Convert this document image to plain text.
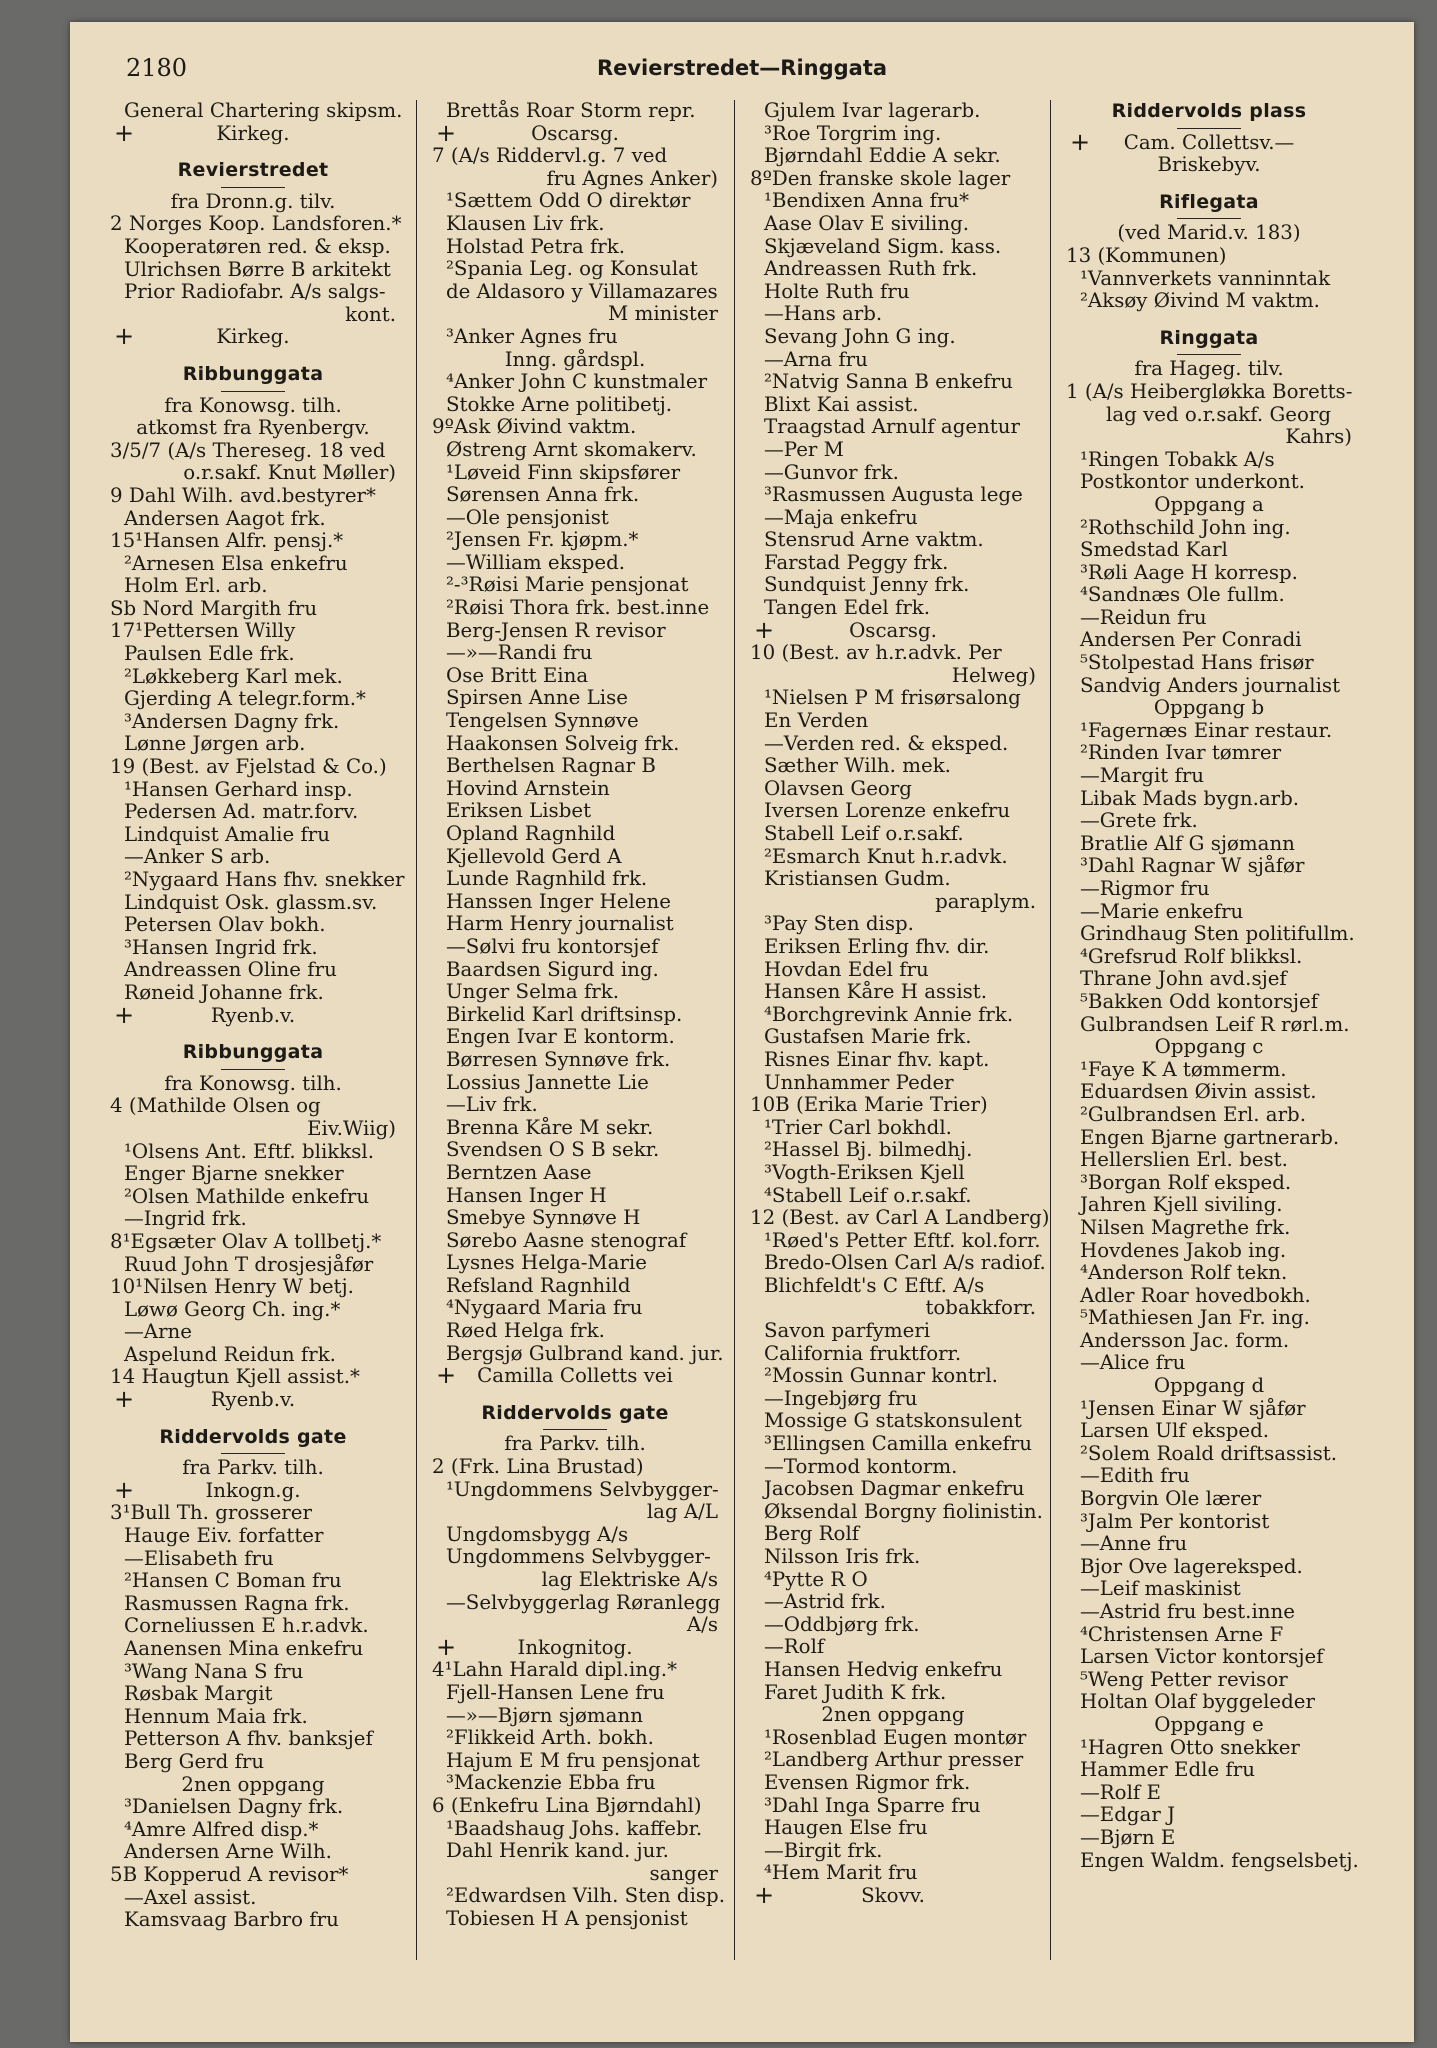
2180	Revierstredet—Ringgata
General Chartering skipsm.
+	Kirkeg.
Revierstredet
fra Dronn.g. tilv.
2 Norges Koop. Landsforen.*
Kooperatøren red. & eksp.
Ulrichsen Børre B arkitekt
Prior Radiofabr. A/s salgs-
kont.
+	Kirkeg.
Ribbunggata
fra Konowsg. tilh.
atkomst fra Ryenbergv.
3/5/7 (A/s Thereseg. 18 ved
o.r.sakf. Knut Møller)
9 Dahl Wilh. avd.bestyrer*
Andersen Aagot frk.
15¹Hansen Alfr. pensj.*
²Arnesen Elsa enkefru
Holm Erl. arb.
Sb Nord Margith fru
17¹Pettersen Willy
Paulsen Edle frk.
²Løkkeberg Karl mek.
Gjerding A telegr.form.*
³Andersen Dagny frk.
Lønne Jørgen arb.
19 (Best. av Fjelstad & Co.)
¹Hansen Gerhard insp.
Pedersen Ad. matr.forv.
Lindquist Amalie fru
—Anker S arb.
²Nygaard Hans fhv. snekker
Lindquist Osk. glassm.sv.
Petersen Olav bokh.
³Hansen Ingrid frk.
Andreassen Oline fru
Røneid Johanne frk.
+	Ryenb.v.
Ribbunggata
fra Konowsg. tilh.
4 (Mathilde Olsen og
Eiv.Wiig)
¹Olsens Ant. Eftf. blikksl.
Enger Bjarne snekker
²Olsen Mathilde enkefru
—Ingrid frk.
8¹Egsæter Olav A tollbetj.*
Ruud John T drosjesjåfør
10¹Nilsen Henry W betj.
Løwø Georg Ch. ing.*
—Arne
Aspelund Reidun frk.
14 Haugtun Kjell assist.*
+	Ryenb.v.
Riddervolds gate
fra Parkv. tilh.
+	Inkogn.g.
3¹Bull Th. grosserer
Hauge Eiv. forfatter
—Elisabeth fru
²Hansen C Boman fru
Rasmussen Ragna frk.
Corneliussen E h.r.advk.
Aanensen Mina enkefru
³Wang Nana S fru
Røsbak Margit
Hennum Maia frk.
Petterson A fhv. banksjef
Berg Gerd fru
2nen oppgang
³Danielsen Dagny frk.
⁴Amre Alfred disp.*
Andersen Arne Wilh.
5B Kopperud A revisor*
—Axel assist.
Kamsvaag Barbro fru
Brettås Roar Storm repr.
+	Oscarsg.
7 (A/s Riddervl.g. 7 ved
fru Agnes Anker)
¹Sættem Odd O direktør
Klausen Liv frk.
Holstad Petra frk.
²Spania Leg. og Konsulat
de Aldasoro y Villamazares
M minister
³Anker Agnes fru
Inng. gårdspl.
⁴Anker John C kunstmaler
Stokke Arne politibetj.
9ºAsk Øivind vaktm.
Østreng Arnt skomakerv.
¹Løveid Finn skipsfører
Sørensen Anna frk.
—Ole pensjonist
²Jensen Fr. kjøpm.*
—William eksped.
²‑³Røisi Marie pensjonat
²Røisi Thora frk. best.inne
Berg-Jensen R revisor
—»—Randi fru
Ose Britt Eina
Spirsen Anne Lise
Tengelsen Synnøve
Haakonsen Solveig frk.
Berthelsen Ragnar B
Hovind Arnstein
Eriksen Lisbet
Opland Ragnhild
Kjellevold Gerd A
Lunde Ragnhild frk.
Hanssen Inger Helene
Harm Henry journalist
—Sølvi fru kontorsjef
Baardsen Sigurd ing.
Unger Selma frk.
Birkelid Karl driftsinsp.
Engen Ivar E kontorm.
Børresen Synnøve frk.
Lossius Jannette Lie
—Liv frk.
Brenna Kåre M sekr.
Svendsen O S B sekr.
Berntzen Aase
Hansen Inger H
Smebye Synnøve H
Sørebo Aasne stenograf
Lysnes Helga-Marie
Refsland Ragnhild
⁴Nygaard Maria fru
Røed Helga frk.
Bergsjø Gulbrand kand. jur.
+ Camilla Colletts vei
Riddervolds gate
fra Parkv. tilh.
2 (Frk. Lina Brustad)
¹Ungdommens Selvbygger-
lag A/L
Ungdomsbygg A/s
Ungdommens Selvbygger-
lag Elektriske A/s
—Selvbyggerlag Røranlegg
A/s
+	Inkognitog.
4¹Lahn Harald dipl.ing.*
Fjell-Hansen Lene fru
—»—Bjørn sjømann
²Flikkeid Arth. bokh.
Hajum E M fru pensjonat
³Mackenzie Ebba fru
6 (Enkefru Lina Bjørndahl)
¹Baadshaug Johs. kaffebr.
Dahl Henrik kand. jur.
sanger
²Edwardsen Vilh. Sten disp.
Tobiesen H A pensjonist
Gjulem Ivar lagerarb.
³Roe Torgrim ing.
Bjørndahl Eddie A sekr.
8ºDen franske skole lager
¹Bendixen Anna fru*
Aase Olav E siviling.
Skjæveland Sigm. kass.
Andreassen Ruth frk.
Holte Ruth fru
—Hans arb.
Sevang John G ing.
—Arna fru
²Natvig Sanna B enkefru
Blixt Kai assist.
Traagstad Arnulf agentur
—Per M
—Gunvor frk.
³Rasmussen Augusta lege
—Maja enkefru
Stensrud Arne vaktm.
Farstad Peggy frk.
Sundquist Jenny frk.
Tangen Edel frk.
+	Oscarsg.
10 (Best. av h.r.advk. Per
Helweg)
¹Nielsen P M frisørsalong
En Verden
—Verden red. & eksped.
Sæther Wilh. mek.
Olavsen Georg
Iversen Lorenze enkefru
Stabell Leif o.r.sakf.
²Esmarch Knut h.r.advk.
Kristiansen Gudm.
paraplym.
³Pay Sten disp.
Eriksen Erling fhv. dir.
Hovdan Edel fru
Hansen Kåre H assist.
⁴Borchgrevink Annie frk.
Gustafsen Marie frk.
Risnes Einar fhv. kapt.
Unnhammer Peder
10B (Erika Marie Trier)
¹Trier Carl bokhdl.
²Hassel Bj. bilmedhj.
³Vogth-Eriksen Kjell
⁴Stabell Leif o.r.sakf.
12 (Best. av Carl A Landberg)
¹Røed's Petter Eftf. kol.forr.
Bredo-Olsen Carl A/s radiof.
Blichfeldt's C Eftf. A/s
tobakkforr.
Savon parfymeri
California fruktforr.
²Mossin Gunnar kontrl.
—Ingebjørg fru
Mossige G statskonsulent
³Ellingsen Camilla enkefru
—Tormod kontorm.
Jacobsen Dagmar enkefru
Øksendal Borgny fiolinistin.
Berg Rolf
Nilsson Iris frk.
⁴Pytte R O
—Astrid frk.
—Oddbjørg frk.
—Rolf
Hansen Hedvig enkefru
Faret Judith K frk.
2nen oppgang
¹Rosenblad Eugen montør
²Landberg Arthur presser
Evensen Rigmor frk.
³Dahl Inga Sparre fru
Haugen Else fru
—Birgit frk.
⁴Hem Marit fru
+	Skovv.
Riddervolds plass
+ Cam. Collettsv.—
Briskebyv.
Riflegata
(ved Marid.v. 183)
13 (Kommunen)
¹Vannverkets vanninntak
²Aksøy Øivind M vaktm.
Ringgata
fra Hageg. tilv.
1 (A/s Heibergløkka Boretts-
lag ved o.r.sakf. Georg
Kahrs)
¹Ringen Tobakk A/s
Postkontor underkont.
Oppgang a
²Rothschild John ing.
Smedstad Karl
³Røli Aage H korresp.
⁴Sandnæs Ole fullm.
—Reidun fru
Andersen Per Conradi
⁵Stolpestad Hans frisør
Sandvig Anders journalist
Oppgang b
¹Fagernæs Einar restaur.
²Rinden Ivar tømrer
—Margit fru
Libak Mads bygn.arb.
—Grete frk.
Bratlie Alf G sjømann
³Dahl Ragnar W sjåfør
—Rigmor fru
—Marie enkefru
Grindhaug Sten politifullm.
⁴Grefsrud Rolf blikksl.
Thrane John avd.sjef
⁵Bakken Odd kontorsjef
Gulbrandsen Leif R rørl.m.
Oppgang c
¹Faye K A tømmerm.
Eduardsen Øivin assist.
²Gulbrandsen Erl. arb.
Engen Bjarne gartnerarb.
Hellerslien Erl. best.
³Borgan Rolf eksped.
Jahren Kjell siviling.
Nilsen Magrethe frk.
Hovdenes Jakob ing.
⁴Anderson Rolf tekn.
Adler Roar hovedbokh.
⁵Mathiesen Jan Fr. ing.
Andersson Jac. form.
—Alice fru
Oppgang d
¹Jensen Einar W sjåfør
Larsen Ulf eksped.
²Solem Roald driftsassist.
—Edith fru
Borgvin Ole lærer
³Jalm Per kontorist
—Anne fru
Bjor Ove lagereksped.
—Leif maskinist
—Astrid fru best.inne
⁴Christensen Arne F
Larsen Victor kontorsjef
⁵Weng Petter revisor
Holtan Olaf byggeleder
Oppgang e
¹Hagren Otto snekker
Hammer Edle fru
—Rolf E
—Edgar J
—Bjørn E
Engen Waldm. fengselsbetj.
